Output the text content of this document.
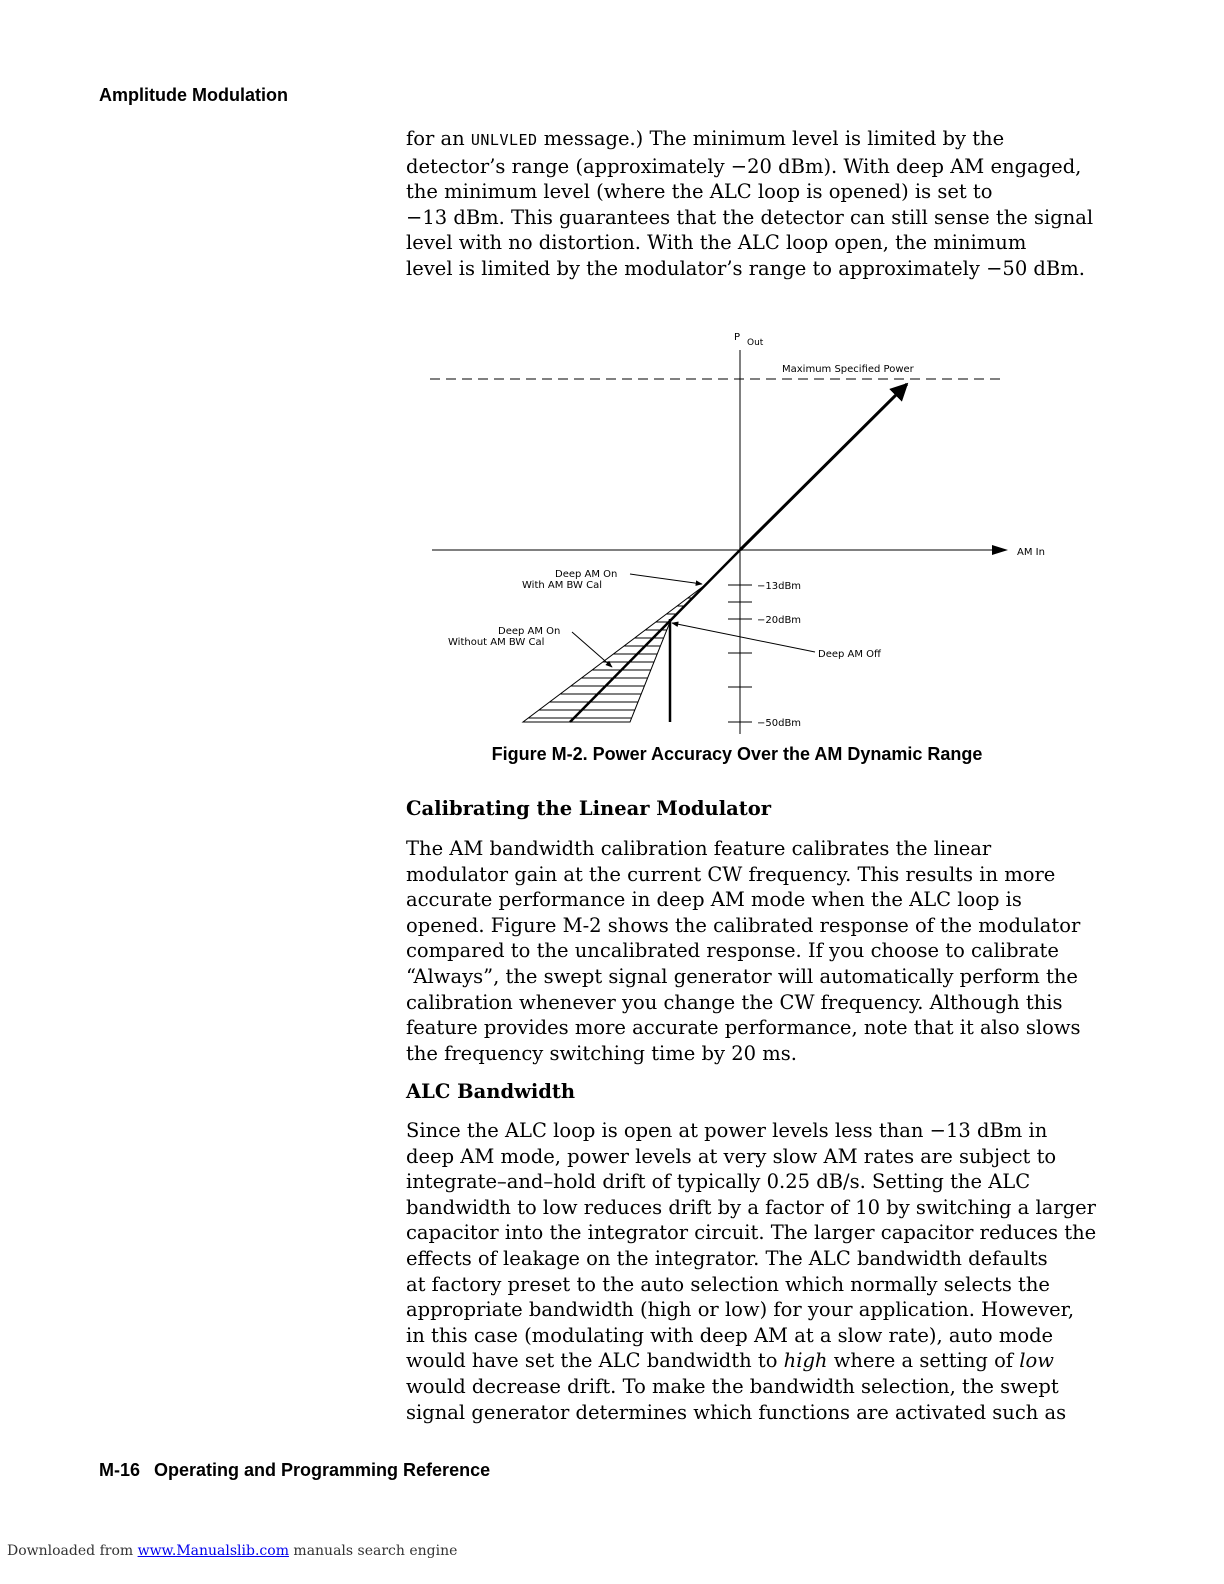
Amplitude Modulation
for an UNLVLED message.) The minimum level is limited by the
detector’s range (approximately −20 dBm). With deep AM engaged,
the minimum level (where the ALC loop is opened) is set to
−13 dBm. This guarantees that the detector can still sense the signal
level with no distortion. With the ALC loop open, the minimum
level is limited by the modulator’s range to approximately −50 dBm.
Maximum Specified Power
P Out
AM In
−13dBm
−20dBm
−50dBm
Deep AM On
With AM BW Cal
Deep AM On
Without AM BW Cal
Deep AM Off
Figure M-2. Power Accuracy Over the AM Dynamic Range
Calibrating the Linear Modulator
The AM bandwidth calibration feature calibrates the linear
modulator gain at the current CW frequency. This results in more
accurate performance in deep AM mode when the ALC loop is
opened. Figure M-2 shows the calibrated response of the modulator
compared to the uncalibrated response. If you choose to calibrate
“Always”, the swept signal generator will automatically perform the
calibration whenever you change the CW frequency. Although this
feature provides more accurate performance, note that it also slows
the frequency switching time by 20 ms.
ALC Bandwidth
Since the ALC loop is open at power levels less than −13 dBm in
deep AM mode, power levels at very slow AM rates are subject to
integrate–and–hold drift of typically 0.25 dB/s. Setting the ALC
bandwidth to low reduces drift by a factor of 10 by switching a larger
capacitor into the integrator circuit. The larger capacitor reduces the
effects of leakage on the integrator. The ALC bandwidth defaults
at factory preset to the auto selection which normally selects the
appropriate bandwidth (high or low) for your application. However,
in this case (modulating with deep AM at a slow rate), auto mode
would have set the ALC bandwidth to high where a setting of low
would decrease drift. To make the bandwidth selection, the swept
signal generator determines which functions are activated such as
M-16 Operating and Programming Reference
Downloaded from www.Manualslib.com manuals search engine
